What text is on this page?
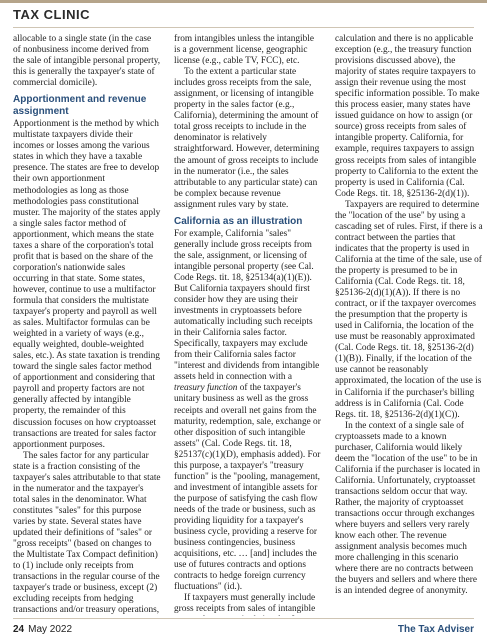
TAX CLINIC

allocable to a single state (in the case of nonbusiness income derived from the sale of intangible personal property, this is generally the taxpayer's state of commercial domicile).

Apportionment and revenue assignment

Apportionment is the method by which multistate taxpayers divide their incomes or losses among the various states in which they have a taxable presence. The states are free to develop their own apportionment methodologies as long as those methodologies pass constitutional muster. The majority of the states apply a single sales factor method of apportionment, which means the state taxes a share of the corporation's total profit that is based on the share of the corporation's nationwide sales occurring in that state. Some states, however, continue to use a multifactor formula that considers the multistate taxpayer's property and payroll as well as sales. Multifactor formulas can be weighted in a variety of ways (e.g., equally weighted, double-weighted sales, etc.). As state taxation is trending toward the single sales factor method of apportionment and considering that payroll and property factors are not generally affected by intangible property, the remainder of this discussion focuses on how cryptoasset transactions are treated for sales factor apportionment purposes.

The sales factor for any particular state is a fraction consisting of the taxpayer's sales attributable to that state in the numerator and the taxpayer's total sales in the denominator. What constitutes "sales" for this purpose varies by state. Several states have updated their definitions of "sales" or "gross receipts" (based on changes to the Multistate Tax Compact definition) to (1) include only receipts from transactions in the regular course of the taxpayer's trade or business, except (2) excluding receipts from hedging transactions and/or treasury operations,

from intangibles unless the intangible is a government license, geographic license (e.g., cable TV, FCC), etc.

To the extent a particular state includes gross receipts from the sale, assignment, or licensing of intangible property in the sales factor (e.g., California), determining the amount of total gross receipts to include in the denominator is relatively straightforward. However, determining the amount of gross receipts to include in the numerator (i.e., the sales attributable to any particular state) can be complex because revenue assignment rules vary by state.

California as an illustration

For example, California "sales" generally include gross receipts from the sale, assignment, or licensing of intangible personal property (see Cal. Code Regs. tit. 18, §25134(a)(1)(E)). But California taxpayers should first consider how they are using their investments in cryptoassets before automatically including such receipts in their California sales factor. Specifically, taxpayers may exclude from their California sales factor "interest and dividends from intangible assets held in connection with a treasury function of the taxpayer's unitary business as well as the gross receipts and overall net gains from the maturity, redemption, sale, exchange or other disposition of such intangible assets" (Cal. Code Regs. tit. 18, §25137(c)(1)(D), emphasis added). For this purpose, a taxpayer's "treasury function" is the "pooling, management, and investment of intangible assets for the purpose of satisfying the cash flow needs of the trade or business, such as providing liquidity for a taxpayer's business cycle, providing a reserve for business contingencies, business acquisitions, etc. … [and] includes the use of futures contracts and options contracts to hedge foreign currency fluctuations" (id.).

If taxpayers must generally include gross receipts from sales of intangible

calculation and there is no applicable exception (e.g., the treasury function provisions discussed above), the majority of states require taxpayers to assign their revenue using the most specific information possible. To make this process easier, many states have issued guidance on how to assign (or source) gross receipts from sales of intangible property. California, for example, requires taxpayers to assign gross receipts from sales of intangible property to California to the extent the property is used in California (Cal. Code Regs. tit. 18, §25136-2(d)(1)).

Taxpayers are required to determine the "location of the use" by using a cascading set of rules. First, if there is a contract between the parties that indicates that the property is used in California at the time of the sale, use of the property is presumed to be in California (Cal. Code Regs. tit. 18, §25136-2(d)(1)(A)). If there is no contract, or if the taxpayer overcomes the presumption that the property is used in California, the location of the use must be reasonably approximated (Cal. Code Regs. tit. 18, §25136-2(d)(1)(B)). Finally, if the location of the use cannot be reasonably approximated, the location of the use is in California if the purchaser's billing address is in California (Cal. Code Regs. tit. 18, §25136-2(d)(1)(C)).

In the context of a single sale of cryptoassets made to a known purchaser, California would likely deem the "location of the use" to be in California if the purchaser is located in California. Unfortunately, cryptoasset transactions seldom occur that way. Rather, the majority of cryptoasset transactions occur through exchanges where buyers and sellers very rarely know each other. The revenue assignment analysis becomes much more challenging in this scenario where there are no contracts between the buyers and sellers and where there is an intended degree of anonymity.

24 May 2022	The Tax Adviser
